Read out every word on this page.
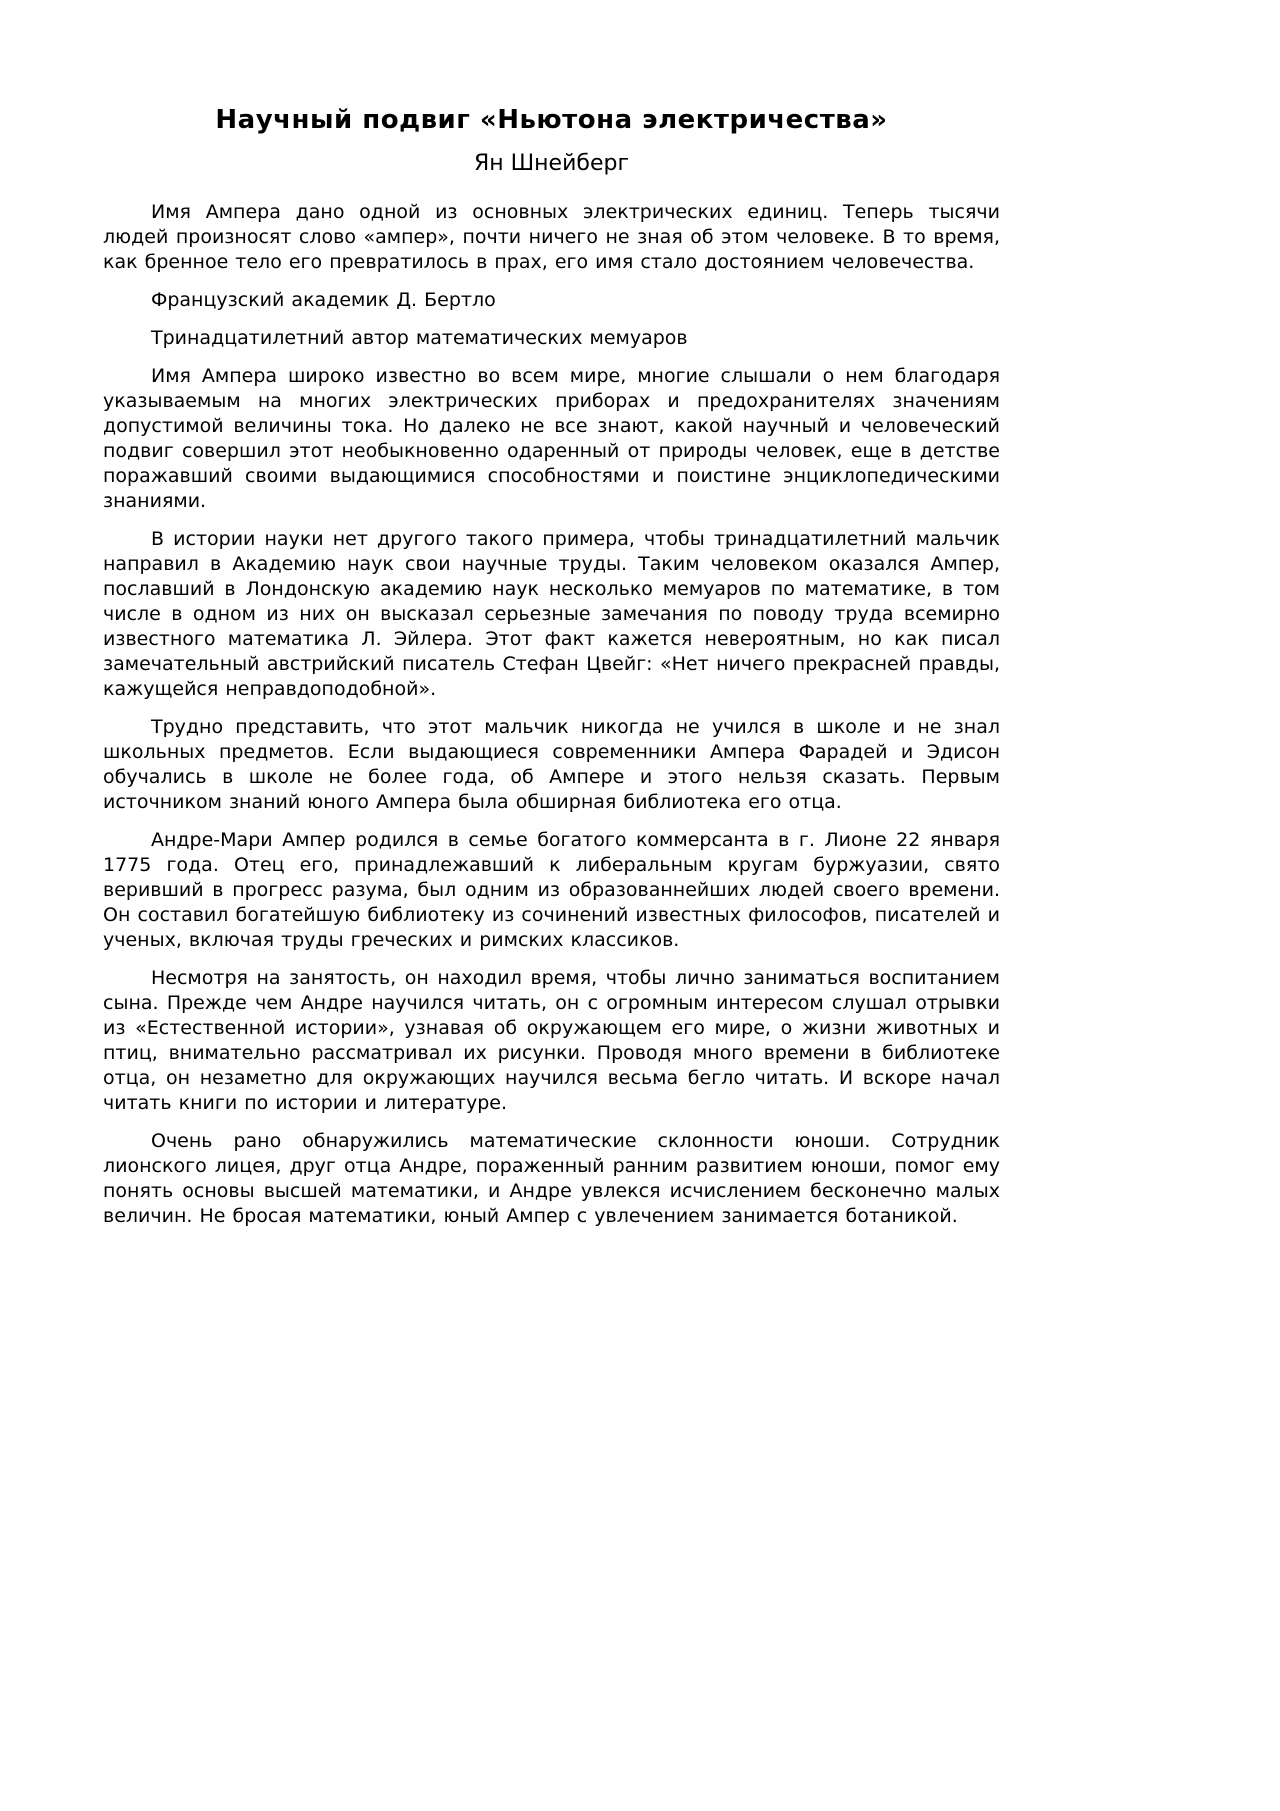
Научный подвиг «Ньютона электричества»
Ян Шнейберг

Имя Ампера дано одной из основных электрических единиц. Теперь тысячи людей произносят слово «ампер», почти ничего не зная об этом человеке. В то время, как бренное тело его превратилось в прах, его имя стало достоянием человечества.

Французский академик Д. Бертло

Тринадцатилетний автор математических мемуаров

Имя Ампера широко известно во всем мире, многие слышали о нем благодаря указываемым на многих электрических приборах и предохранителях значениям допустимой величины тока. Но далеко не все знают, какой научный и человеческий подвиг совершил этот необыкновенно одаренный от природы человек, еще в детстве поражавший своими выдающимися способностями и поистине энциклопедическими знаниями.

В истории науки нет другого такого примера, чтобы тринадцатилетний мальчик направил в Академию наук свои научные труды. Таким человеком оказался Ампер, пославший в Лондонскую академию наук несколько мемуаров по математике, в том числе в одном из них он высказал серьезные замечания по поводу труда всемирно известного математика Л. Эйлера. Этот факт кажется невероятным, но как писал замечательный австрийский писатель Стефан Цвейг: «Нет ничего прекрасней правды, кажущейся неправдоподобной».

Трудно представить, что этот мальчик никогда не учился в школе и не знал школьных предметов. Если выдающиеся современники Ампера Фарадей и Эдисон обучались в школе не более года, об Ампере и этого нельзя сказать. Первым источником знаний юного Ампера была обширная библиотека его отца.

Андре-Мари Ампер родился в семье богатого коммерсанта в г. Лионе 22 января 1775 года. Отец его, принадлежавший к либеральным кругам буржуазии, свято веривший в прогресс разума, был одним из образованнейших людей своего времени. Он составил богатейшую библиотеку из сочинений известных философов, писателей и ученых, включая труды греческих и римских классиков.

Несмотря на занятость, он находил время, чтобы лично заниматься воспитанием сына. Прежде чем Андре научился читать, он с огромным интересом слушал отрывки из «Естественной истории», узнавая об окружающем его мире, о жизни животных и птиц, внимательно рассматривал их рисунки. Проводя много времени в библиотеке отца, он незаметно для окружающих научился весьма бегло читать. И вскоре начал читать книги по истории и литературе.

Очень рано обнаружились математические склонности юноши. Сотрудник лионского лицея, друг отца Андре, пораженный ранним развитием юноши, помог ему понять основы высшей математики, и Андре увлекся исчислением бесконечно малых величин. Не бросая математики, юный Ампер с увлечением занимается ботаникой.
